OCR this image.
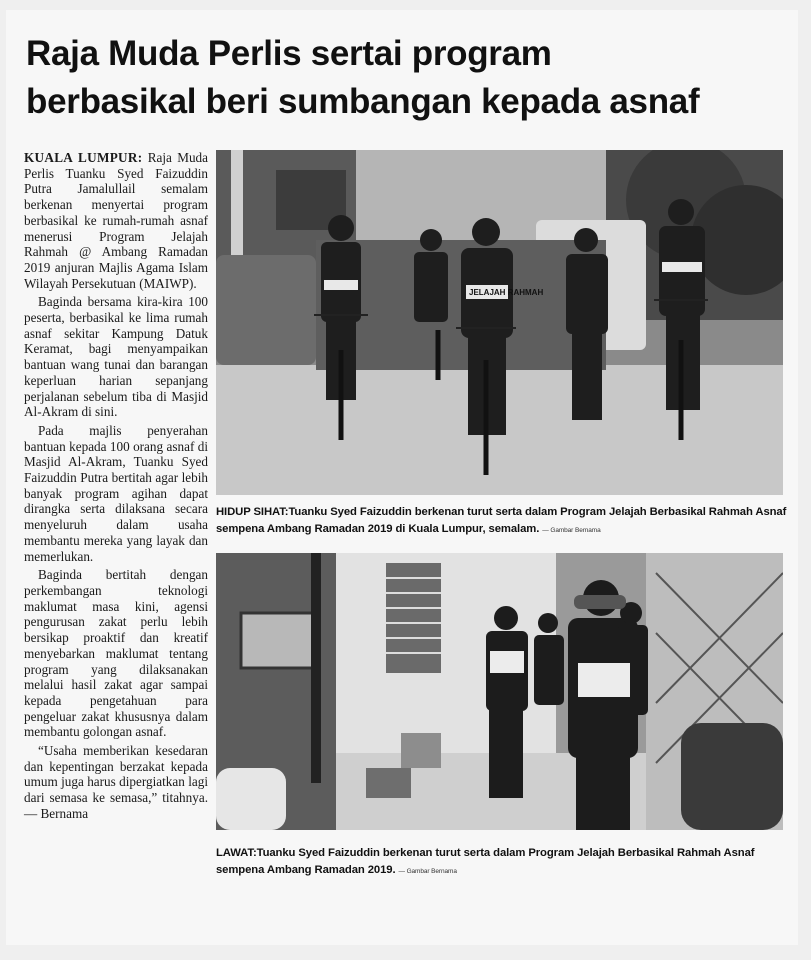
Raja Muda Perlis sertai program
berbasikal beri sumbangan kepada asnaf

KUALA LUMPUR: Raja Muda Perlis Tuanku Syed Faizuddin Putra Jamalullail semalam berkenan menyertai program berbasikal ke rumah-rumah asnaf menerusi Program Jelajah Rahmah @ Ambang Ramadan 2019 anjuran Majlis Agama Islam Wilayah Persekutuan (MAIWP).

Baginda bersama kira-kira 100 peserta, berbasikal ke lima rumah asnaf sekitar Kampung Datuk Keramat, bagi menyampaikan bantuan wang tunai dan barangan keperluan harian sepanjang perjalanan sebelum tiba di Masjid Al-Akram di sini.

Pada majlis penyerahan bantuan kepada 100 orang asnaf di Masjid Al-Akram, Tuanku Syed Faizuddin Putra bertitah agar lebih banyak program agihan dapat dirangka serta dilaksana secara menyeluruh dalam usaha membantu mereka yang layak dan memerlukan.

Baginda bertitah dengan perkembangan teknologi maklumat masa kini, agensi pengurusan zakat perlu lebih bersikap proaktif dan kreatif menyebarkan maklumat tentang program yang dilaksanakan melalui hasil zakat agar sampai kepada pengetahuan para pengeluar zakat khususnya dalam membantu golongan asnaf.

“Usaha memberikan kesedaran dan kepentingan berzakat kepada umum juga harus dipergiatkan lagi dari semasa ke semasa,” titahnya. — Bernama

JELAJAH RAHMAH
HIDUP SIHAT:Tuanku Syed Faizuddin berkenan turut serta dalam Program Jelajah Berbasikal Rahmah Asnaf sempena Ambang Ramadan 2019 di Kuala Lumpur, semalam. — Gambar Bernama
LAWAT:Tuanku Syed Faizuddin berkenan turut serta dalam Program Jelajah Berbasikal Rahmah Asnaf sempena Ambang Ramadan 2019. — Gambar Bernama
